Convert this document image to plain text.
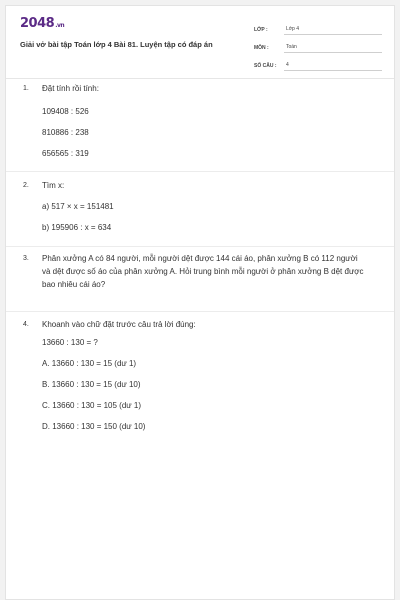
2048.vn
Giải vở bài tập Toán lớp 4 Bài 81. Luyện tập có đáp án
LỚP :	Lớp 4
MÔN :	Toán
SỐ CÂU :	4
1. Đặt tính rồi tính:
109408 : 526
810886 : 238
656565 : 319
2. Tìm x:
a) 517 × x = 151481
b) 195906 : x = 634
3. Phân xưởng A có 84 người, mỗi người dệt được 144 cái áo, phân xưởng B có 112 người và dệt được số áo của phân xưởng A. Hỏi trung bình mỗi người ở phân xưởng B dệt được bao nhiêu cái áo?
4. Khoanh vào chữ đặt trước câu trả lời đúng:
13660 : 130 = ?
A. 13660 : 130 = 15 (dư 1)
B. 13660 : 130 = 15 (dư 10)
C. 13660 : 130 = 105 (dư 1)
D. 13660 : 130 = 150 (dư 10)
